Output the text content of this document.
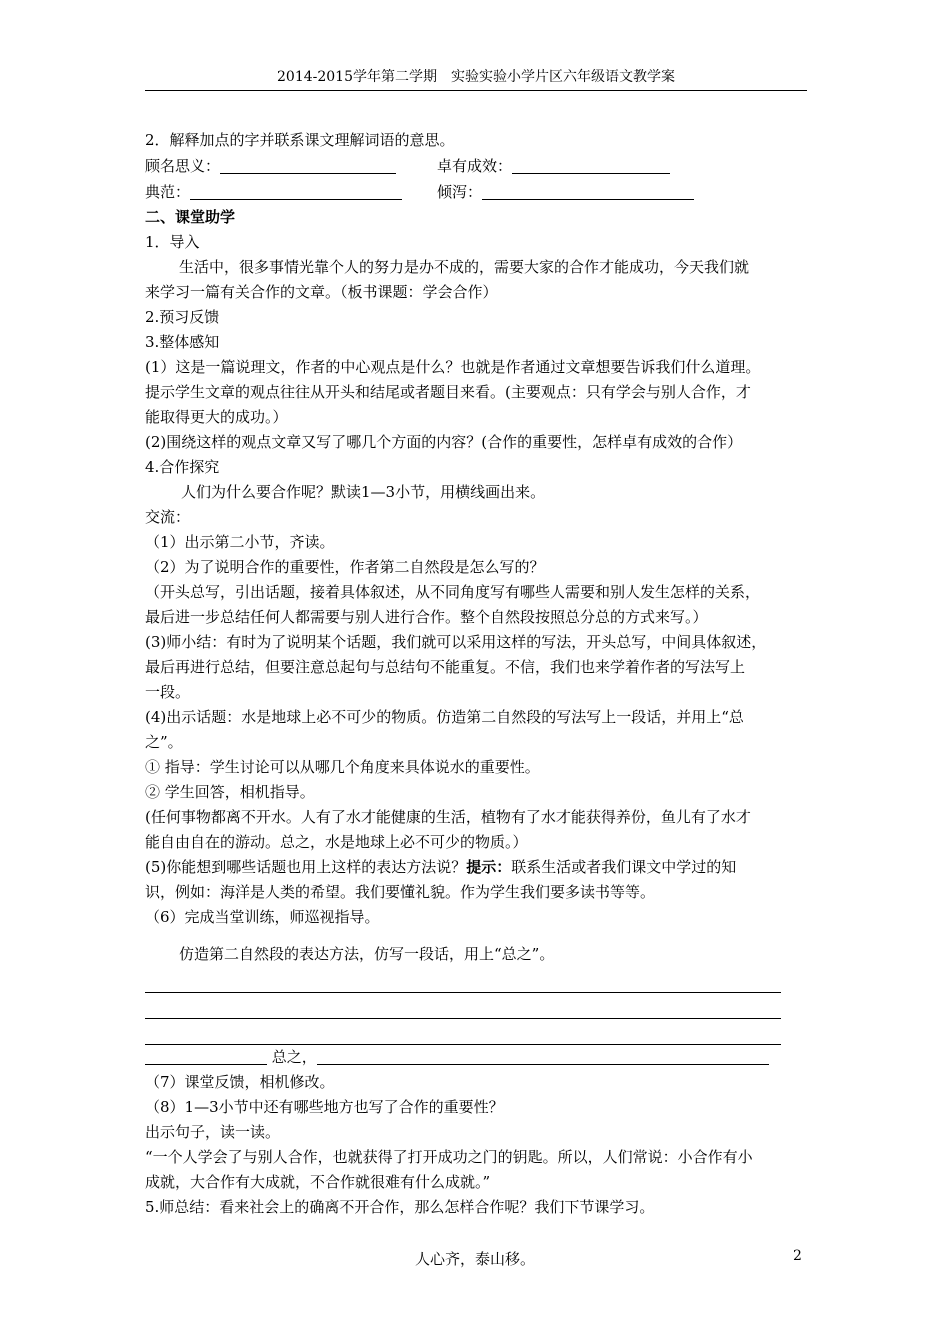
2014-2015学年第二学期　实验实验小学片区六年级语文教学案
2．解释加点的字并联系课文理解词语的意思。
顾名思义：	卓有成效：
典范：	倾泻：
二、课堂助学
1．导入
生活中，很多事情光靠个人的努力是办不成的，需要大家的合作才能成功，今天我们就
来学习一篇有关合作的文章。（板书课题：学会合作）
2.预习反馈
3.整体感知
(1）这是一篇说理文，作者的中心观点是什么？也就是作者通过文章想要告诉我们什么道理。
提示学生文章的观点往往从开头和结尾或者题目来看。(主要观点：只有学会与别人合作，才
能取得更大的成功。）
(2)围绕这样的观点文章又写了哪几个方面的内容？(合作的重要性，怎样卓有成效的合作）
4.合作探究
人们为什么要合作呢？默读1—3小节，用横线画出来。
交流：
（1）出示第二小节，齐读。
（2）为了说明合作的重要性，作者第二自然段是怎么写的？
（开头总写，引出话题，接着具体叙述，从不同角度写有哪些人需要和别人发生怎样的关系，
最后进一步总结任何人都需要与别人进行合作。整个自然段按照总分总的方式来写。）
(3)师小结：有时为了说明某个话题，我们就可以采用这样的写法，开头总写，中间具体叙述，
最后再进行总结，但要注意总起句与总结句不能重复。不信，我们也来学着作者的写法写上
一段。
(4)出示话题：水是地球上必不可少的物质。仿造第二自然段的写法写上一段话，并用上“总
之”。
① 指导：学生讨论可以从哪几个角度来具体说水的重要性。
② 学生回答，相机指导。
(任何事物都离不开水。人有了水才能健康的生活，植物有了水才能获得养份，鱼儿有了水才
能自由自在的游动。总之，水是地球上必不可少的物质。）
(5)你能想到哪些话题也用上这样的表达方法说？提示：联系生活或者我们课文中学过的知
识，例如：海洋是人类的希望。我们要懂礼貌。作为学生我们要多读书等等。
（6）完成当堂训练，师巡视指导。
仿造第二自然段的表达方法，仿写一段话，用上“总之”。
总之，
（7）课堂反馈，相机修改。
（8）1—3小节中还有哪些地方也写了合作的重要性？
出示句子，读一读。
“一个人学会了与别人合作，也就获得了打开成功之门的钥匙。所以，人们常说：小合作有小
成就，大合作有大成就，不合作就很难有什么成就。”
5.师总结：看来社会上的确离不开合作，那么怎样合作呢？我们下节课学习。
人心齐，泰山移。	2
